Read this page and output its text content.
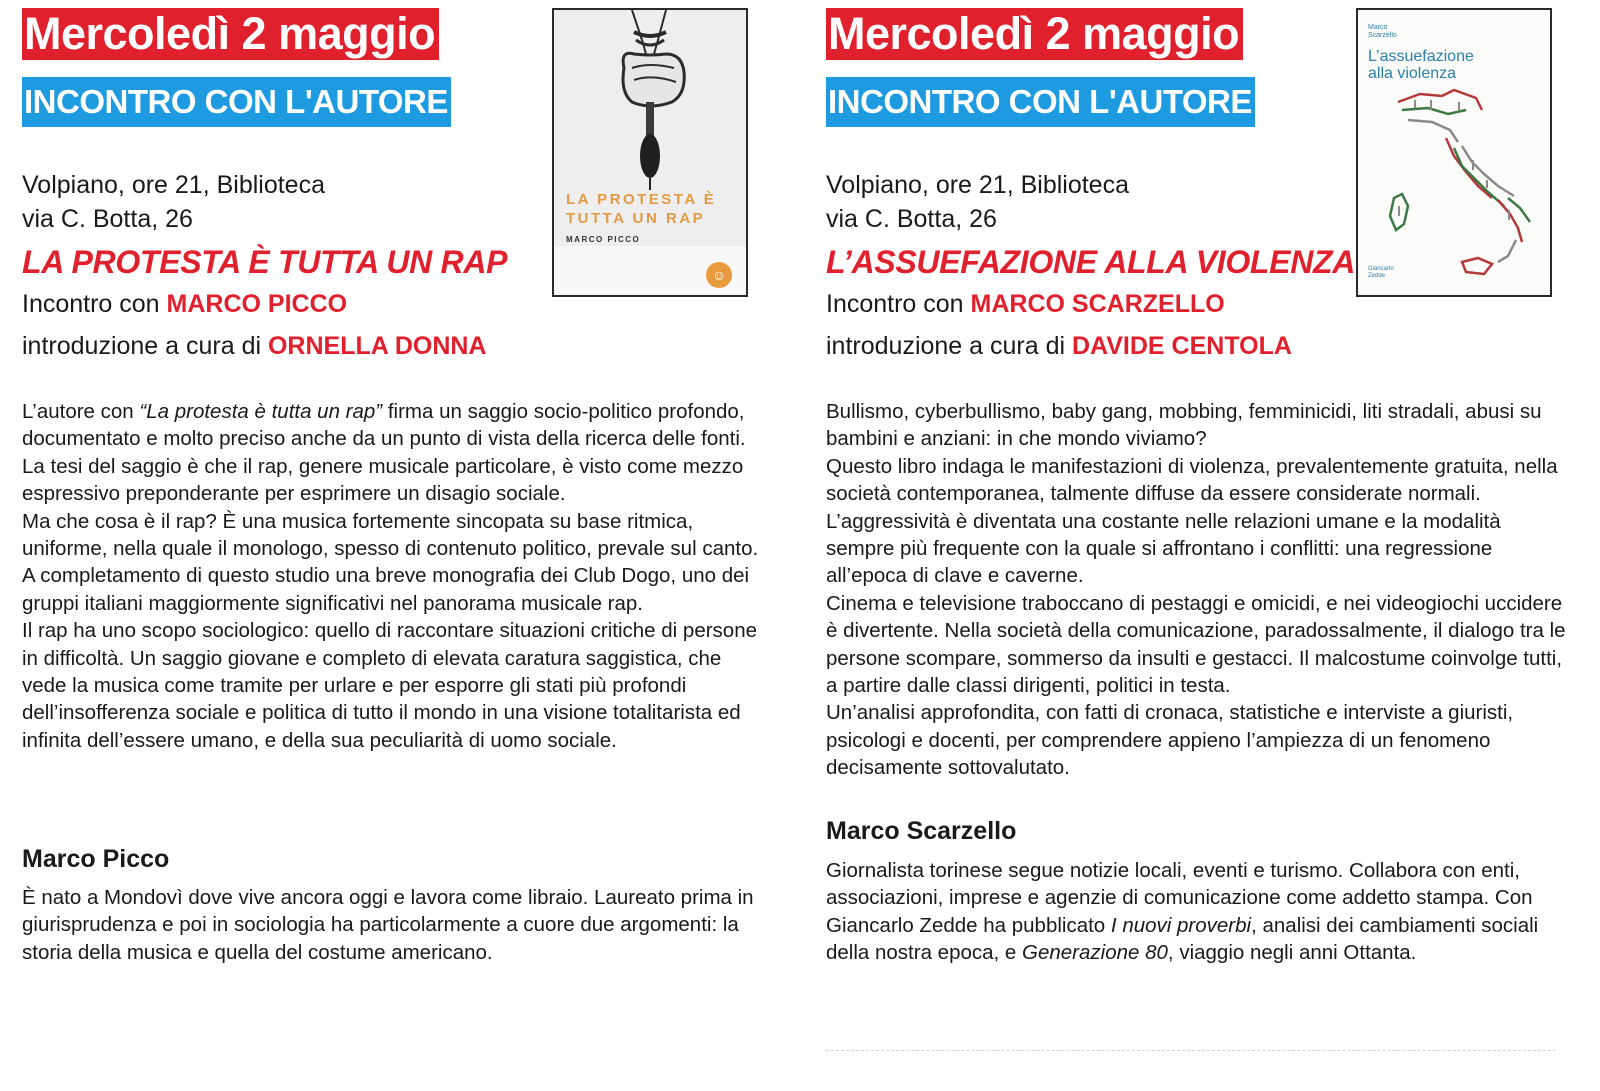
Mercoledì 2 maggio
INCONTRO CON L'AUTORE
Volpiano, ore 21, Biblioteca
via C. Botta, 26
LA PROTESTA È TUTTA UN RAP
Incontro con MARCO PICCO
introduzione a cura di ORNELLA DONNA

L’autore con “La protesta è tutta un rap” firma un saggio socio-politico profondo, documentato e molto preciso anche da un punto di vista della ricerca delle fonti. La tesi del saggio è che il rap, genere musicale particolare, è visto come mezzo espressivo preponderante per esprimere un disagio sociale.

Ma che cosa è il rap? È una musica fortemente sincopata su base ritmica, uniforme, nella quale il monologo, spesso di contenuto politico, prevale sul canto. A completamento di questo studio una breve monografia dei Club Dogo, uno dei gruppi italiani maggiormente significativi nel panorama musicale rap.

Il rap ha uno scopo sociologico: quello di raccontare situazioni critiche di persone in difficoltà. Un saggio giovane e completo di elevata caratura saggistica, che vede la musica come tramite per urlare e per esporre gli stati più profondi dell’insofferenza sociale e politica di tutto il mondo in una visione totalitarista ed infinita dell’essere umano, e della sua peculiarità di uomo sociale.

Marco Picco

È nato a Mondovì dove vive ancora oggi e lavora come libraio. Laureato prima in giurisprudenza e poi in sociologia ha particolarmente a cuore due argomenti: la storia della musica e quella del costume americano.

LA PROTESTA È
TUTTA UN RAP
MARCO PICCO
☺
Mercoledì 2 maggio
INCONTRO CON L'AUTORE
Volpiano, ore 21, Biblioteca
via C. Botta, 26
L’ASSUEFAZIONE ALLA VIOLENZA
Incontro con MARCO SCARZELLO
introduzione a cura di DAVIDE CENTOLA

Bullismo, cyberbullismo, baby gang, mobbing, femminicidi, liti stradali, abusi su bambini e anziani: in che mondo viviamo?

Questo libro indaga le manifestazioni di violenza, prevalentemente gratuita, nella società contemporanea, talmente diffuse da essere considerate normali. L’aggressività è diventata una costante nelle relazioni umane e la modalità sempre più frequente con la quale si affrontano i conflitti: una regressione all’epoca di clave e caverne.

Cinema e televisione traboccano di pestaggi e omicidi, e nei videogiochi uccidere è divertente. Nella società della comunicazione, paradossalmente, il dialogo tra le persone scompare, sommerso da insulti e gestacci. Il malcostume coinvolge tutti, a partire dalle classi dirigenti, politici in testa.

Un’analisi approfondita, con fatti di cronaca, statistiche e interviste a giuristi, psicologi e docenti, per comprendere appieno l’ampiezza di un fenomeno decisamente sottovalutato.

Marco Scarzello

Giornalista torinese segue notizie locali, eventi e turismo. Collabora con enti, associazioni, imprese e agenzie di comunicazione come addetto stampa. Con Giancarlo Zedde ha pubblicato I nuovi proverbi, analisi dei cambiamenti sociali della nostra epoca, e Generazione 80, viaggio negli anni Ottanta.

Marco
Scarzello
L’assuefazione
alla violenza
Giancarlo
Zedde
